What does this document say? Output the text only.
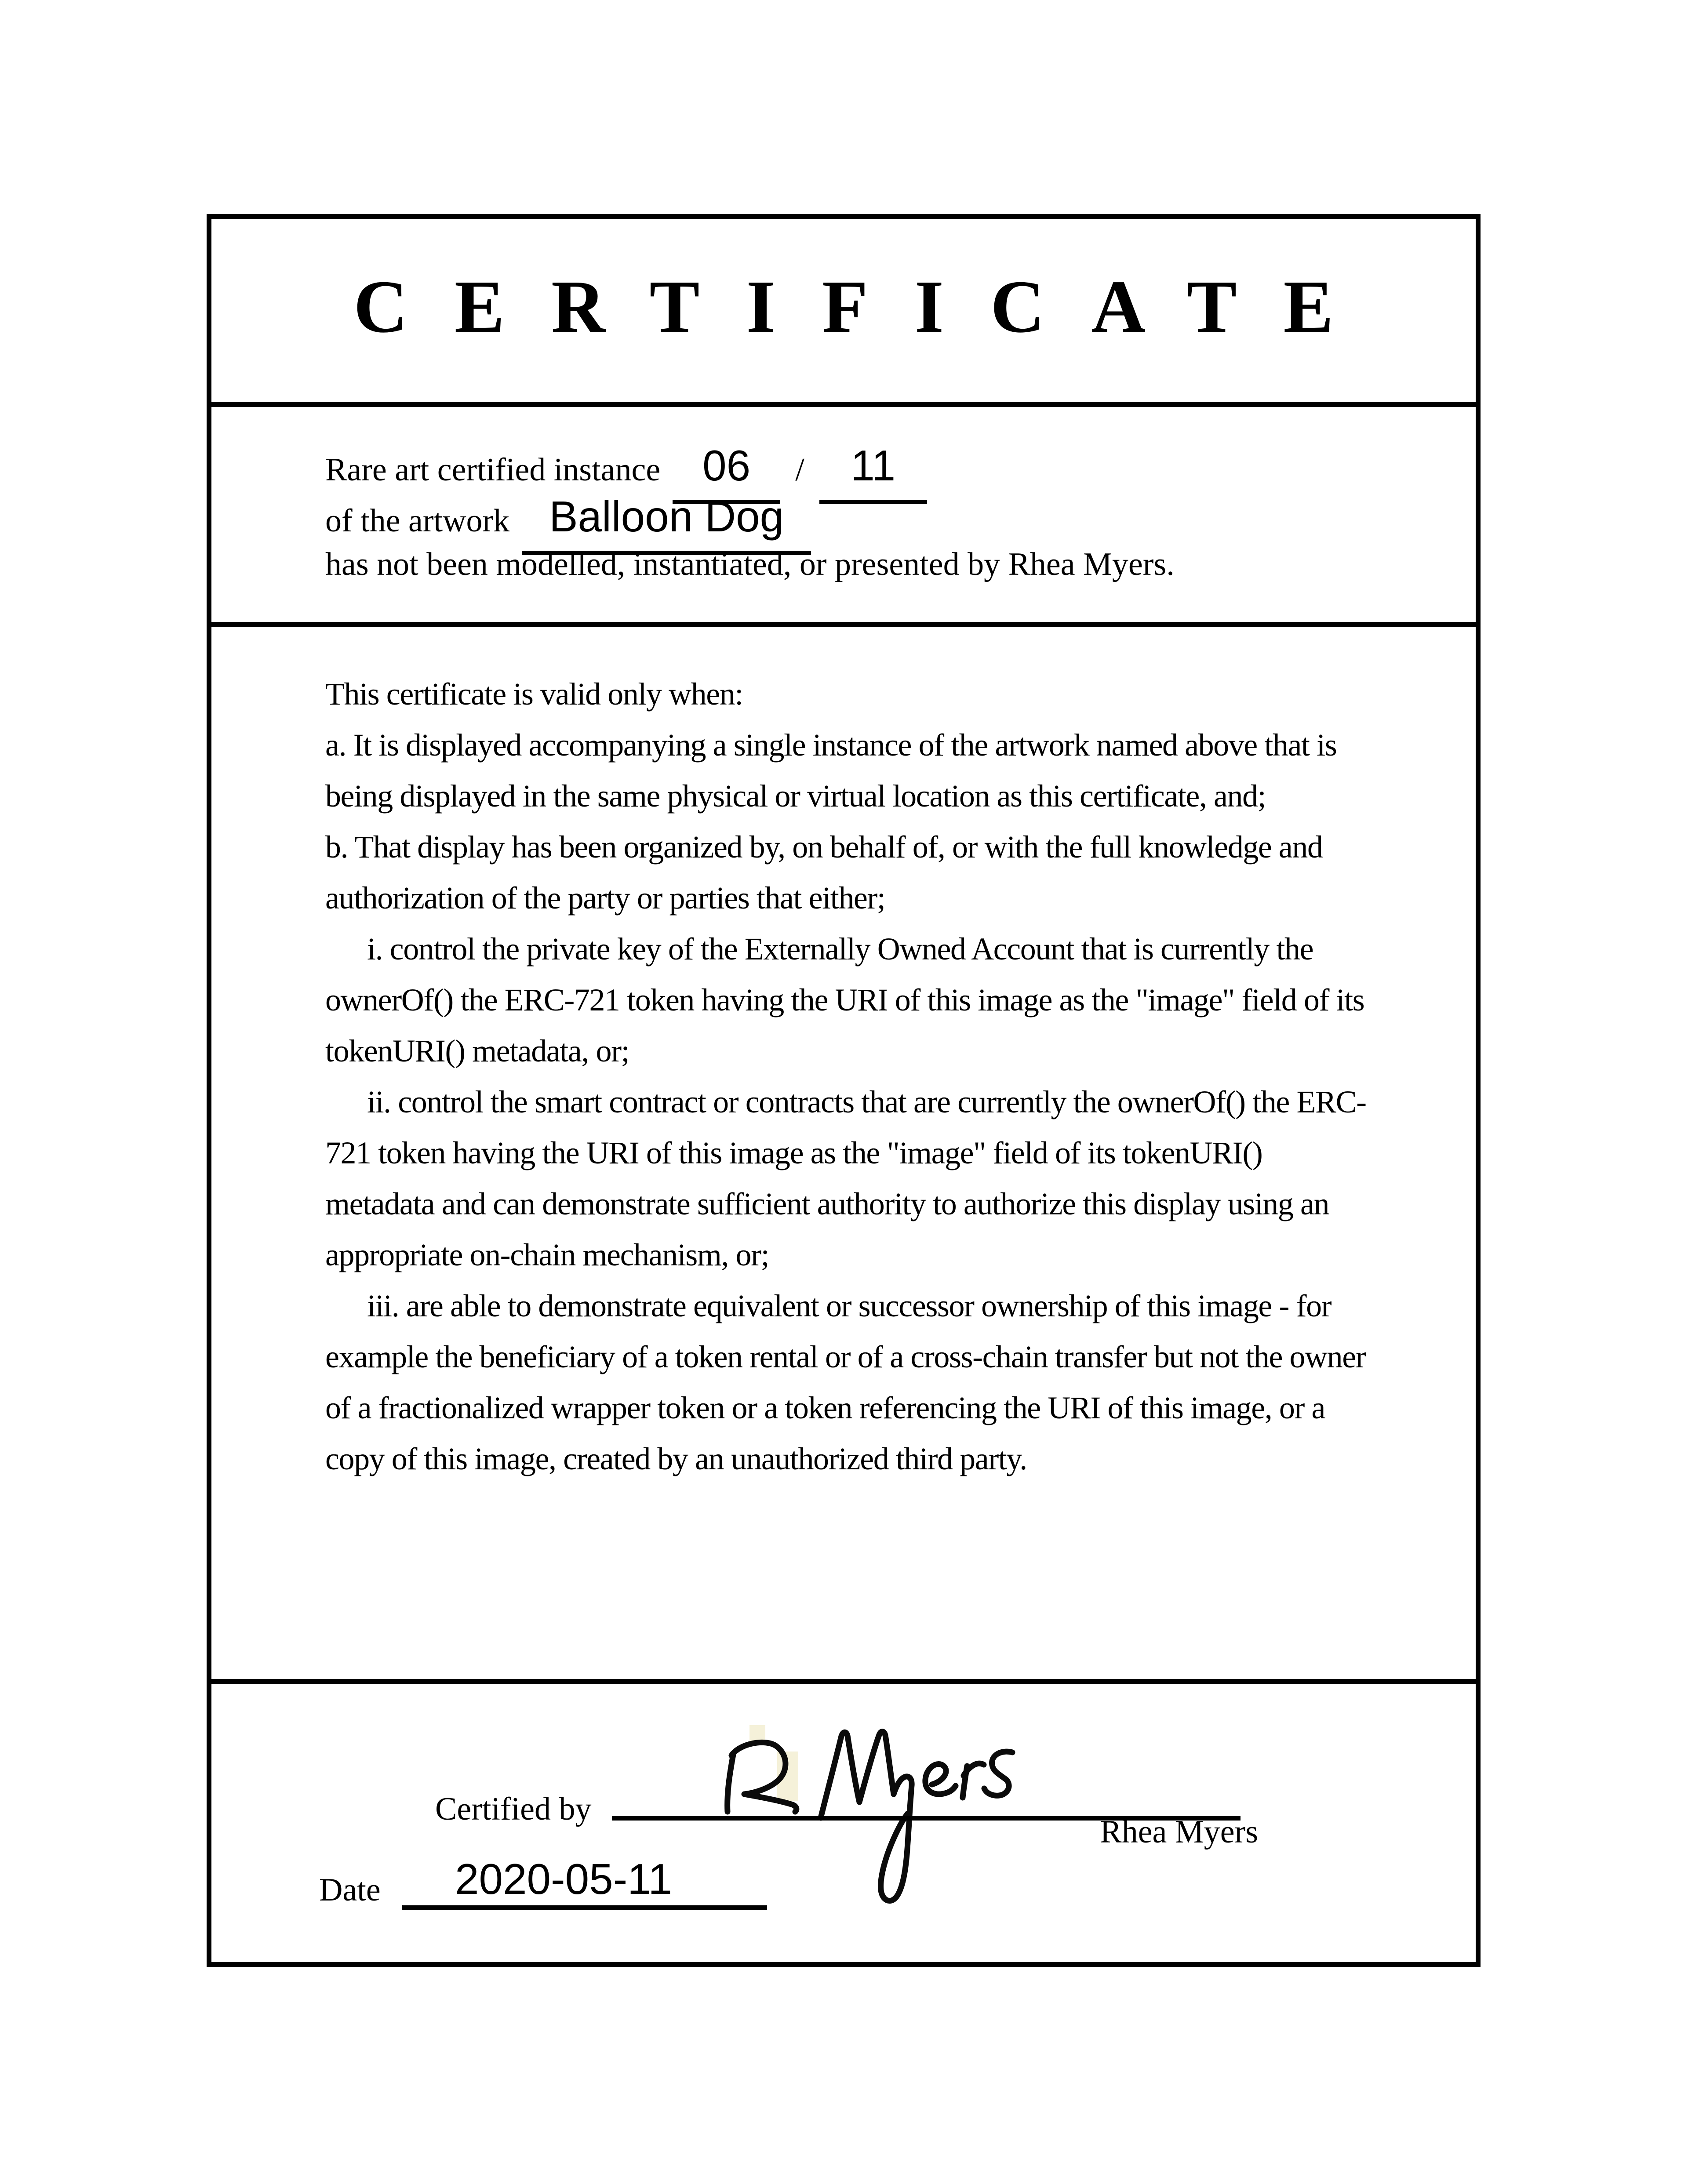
CERTIFICATE
Rare art certified instance 06	/	11
of the artwork Balloon Dog
has not been modelled, instantiated, or presented by Rhea Myers.

This certificate is valid only when:

a. It is displayed accompanying a single instance of the artwork named above that is being displayed in the same physical or virtual location as this certificate, and;

b. That display has been organized by, on behalf of, or with the full knowledge and authorization of the party or parties that either;

i. control the private key of the Externally Owned Account that is currently the ownerOf() the ERC-721 token having the URI of this image as the "image" field of its tokenURI() metadata, or;

ii. control the smart contract or contracts that are currently the ownerOf() the ERC-721 token having the URI of this image as the "image" field of its tokenURI() metadata and can demonstrate sufficient authority to authorize this display using an appropriate on-chain mechanism, or;

iii. are able to demonstrate equivalent or successor ownership of this image - for example the beneficiary of a token rental or of a cross-chain transfer but not the owner of a fractionalized wrapper token or a token referencing the URI of this image, or a copy of this image, created by an unauthorized third party.

Certified by
Rhea Myers
Date 2020-05-11
